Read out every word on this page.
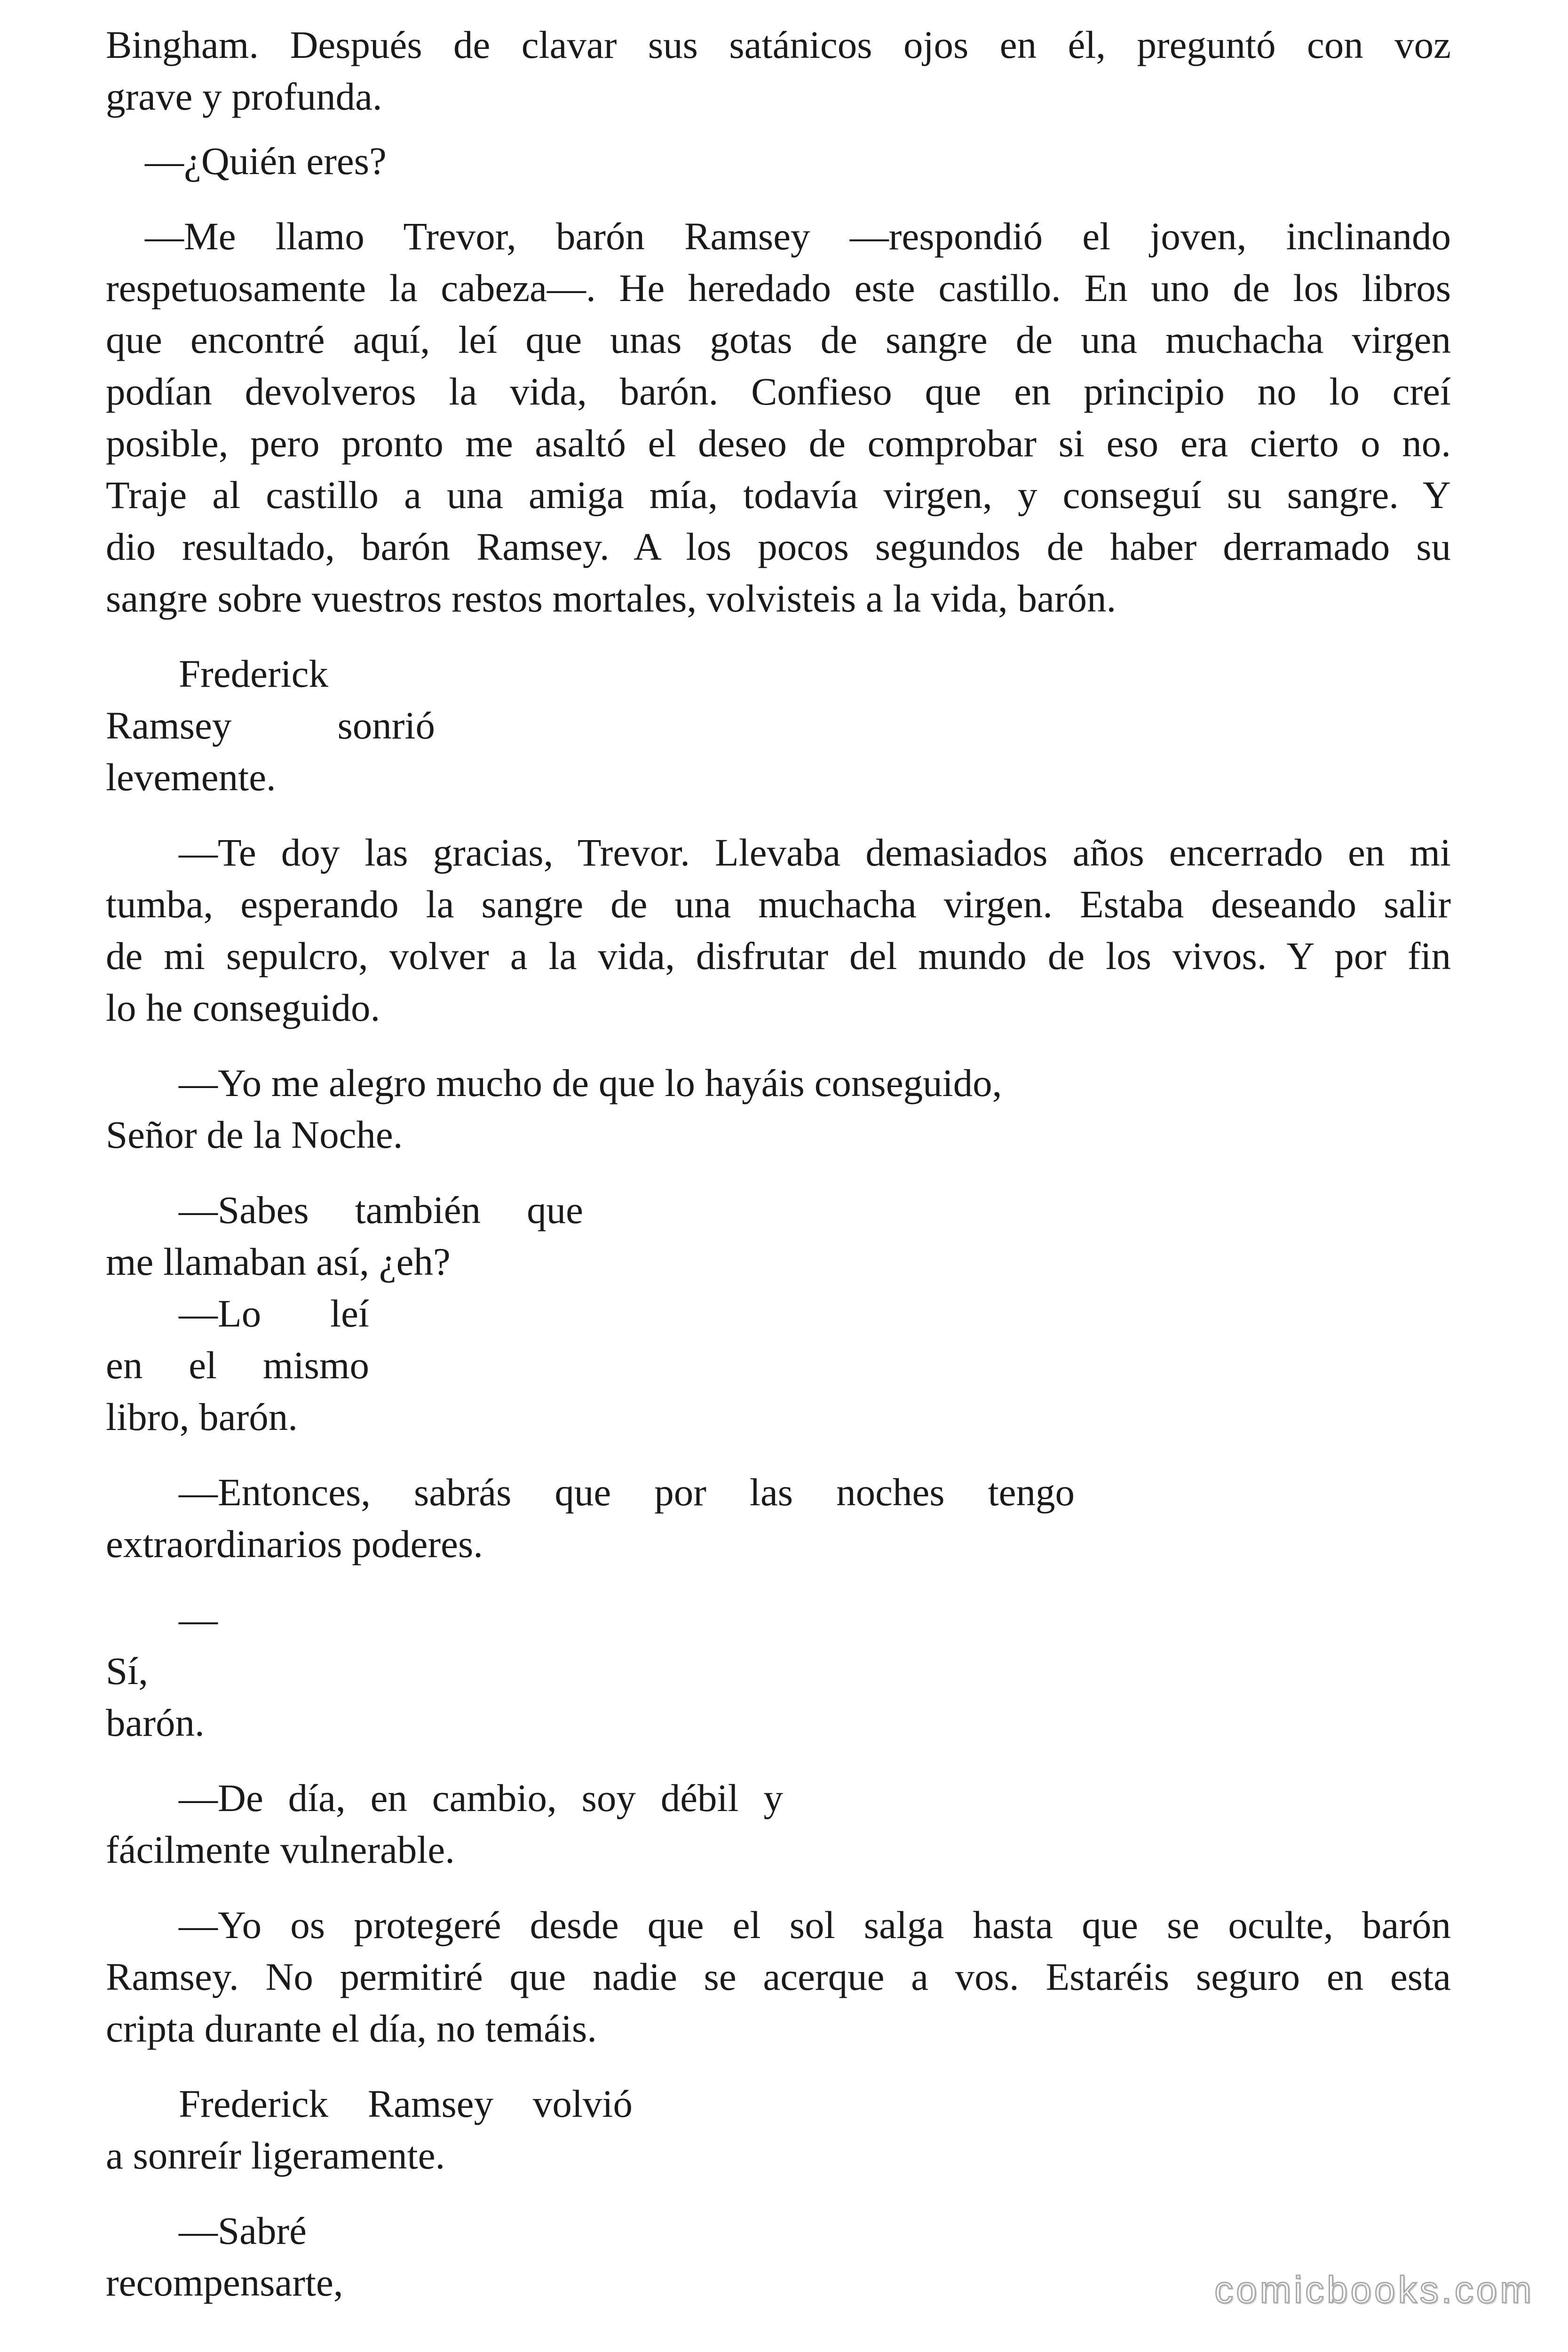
Bingham. Después de clavar sus satánicos ojos en él, preguntó con voz
grave y profunda.
—¿Quién eres?
—Me llamo Trevor, barón Ramsey —respondió el joven, inclinando
respetuosamente la cabeza—. He heredado este castillo. En uno de los libros
que encontré aquí, leí que unas gotas de sangre de una muchacha virgen
podían devolveros la vida, barón. Confieso que en principio no lo creí
posible, pero pronto me asaltó el deseo de comprobar si eso era cierto o no.
Traje al castillo a una amiga mía, todavía virgen, y conseguí su sangre. Y
dio resultado, barón Ramsey. A los pocos segundos de haber derramado su
sangre sobre vuestros restos mortales, volvisteis a la vida, barón.
Frederick
Ramsey sonrió
levemente.
—Te doy las gracias, Trevor. Llevaba demasiados años encerrado en mi
tumba, esperando la sangre de una muchacha virgen. Estaba deseando salir
de mi sepulcro, volver a la vida, disfrutar del mundo de los vivos. Y por fin
lo he conseguido.
—Yo me alegro mucho de que lo hayáis conseguido,
Señor de la Noche.
—Sabes también que
me llamaban así, ¿eh?
—Lo leí
en el mismo
libro, barón.
—Entonces, sabrás que por las noches tengo
extraordinarios poderes.
—
Sí,
barón.
—De día, en cambio, soy débil y
fácilmente vulnerable.
—Yo os protegeré desde que el sol salga hasta que se oculte, barón
Ramsey. No permitiré que nadie se acerque a vos. Estaréis seguro en esta
cripta durante el día, no temáis.
Frederick Ramsey volvió
a sonreír ligeramente.
—Sabré
recompensarte,	comicbooks.com
